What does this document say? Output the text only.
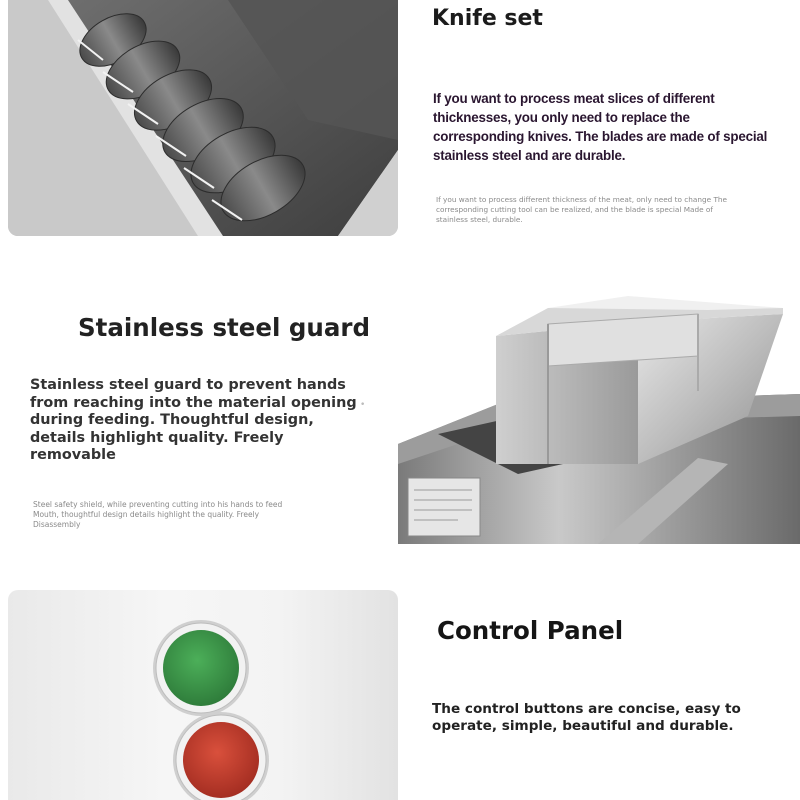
Knife set

If you want to process meat slices of different thicknesses, you only need to replace the corresponding knives. The blades are made of special stainless steel and are durable.

If you want to process different thickness of the meat, only need to change The corresponding cutting tool can be realized, and the blade is special Made of stainless steel, durable.

Stainless steel guard

Stainless steel guard to prevent hands from reaching into the material opening during feeding. Thoughtful design, details highlight quality. Freely removable

•

Steel safety shield, while preventing cutting into his hands to feed Mouth, thoughtful design details highlight the quality. Freely Disassembly

Control Panel

The control buttons are concise, easy to operate, simple, beautiful and durable.
